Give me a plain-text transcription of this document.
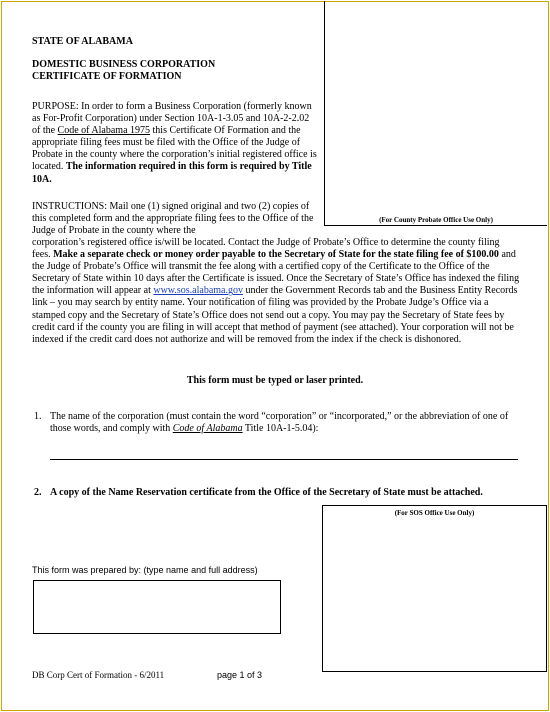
STATE OF ALABAMA
DOMESTIC BUSINESS CORPORATION
CERTIFICATE OF FORMATION
PURPOSE: In order to form a Business Corporation (formerly known as For-Profit Corporation) under Section 10A-1-3.05 and 10A-2-2.02 of the Code of Alabama 1975 this Certificate Of Formation and the appropriate filing fees must be filed with the Office of the Judge of Probate in the county where the corporation’s initial registered office is located. The information required in this form is required by Title 10A.
INSTRUCTIONS: Mail one (1) signed original and two (2) copies of this completed form and the appropriate filing fees to the Office of the Judge of Probate in the county where the
(For County Probate Office Use Only)
corporation’s registered office is/will be located. Contact the Judge of Probate’s Office to determine the county filing fees. Make a separate check or money order payable to the Secretary of State for the state filing fee of $100.00 and the Judge of Probate’s Office will transmit the fee along with a certified copy of the Certificate to the Office of the Secretary of State within 10 days after the Certificate is issued. Once the Secretary of State’s Office has indexed the filing the information will appear at www.sos.alabama.gov under the Government Records tab and the Business Entity Records link – you may search by entity name. Your notification of filing was provided by the Probate Judge’s Office via a stamped copy and the Secretary of State’s Office does not send out a copy. You may pay the Secretary of State fees by credit card if the county you are filing in will accept that method of payment (see attached). Your corporation will not be indexed if the credit card does not authorize and will be removed from the index if the check is dishonored.
This form must be typed or laser printed.
1. The name of the corporation (must contain the word “corporation” or “incorporated,” or the abbreviation of one of those words, and comply with Code of Alabama Title 10A-1-5.04):
2. A copy of the Name Reservation certificate from the Office of the Secretary of State must be attached.
(For SOS Office Use Only)
This form was prepared by: (type name and full address)
DB Corp Cert of Formation - 6/2011	page 1 of 3
